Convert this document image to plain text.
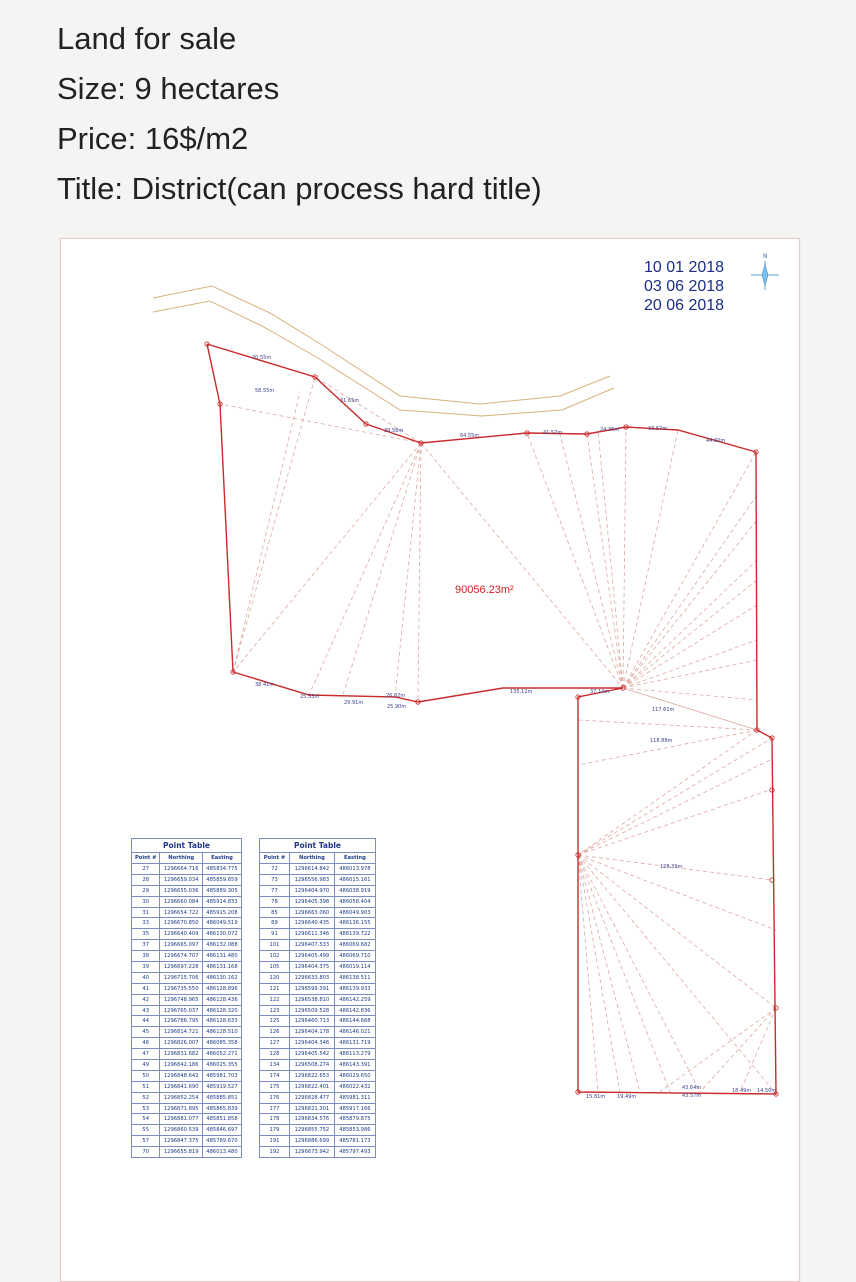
Land for sale
Size: 9 hectares
Price: 16$/m2
Title: District(can process hard title)
70.55m
58.55m
31.65m
39.58m
64.55m	41.57m	24.36m	33.57m
44.60m
38.41m
25.53m
29.91m
26.02m
25.90m
135.12m	37.14m
117.61m
118.88m
128.39m
15.81m 19.49m
43.64m
43.57m
18.49m 14.50m
90056.23m²
10 01 2018
03 06 2018
20 06 2018
N
Point Table		
Point #	Northing	Easting
27	1296664.716	485834.775
28	1296659.034	485859.659
29	1296655.036	485889.305
30	1296660.084	485914.833
31	1296654.722	485915.208
33	1296670.850	486049.519
35	1296640.409	486130.072
37	1296665.097	486132.088
38	1296674.707	486131.480
39	1296697.228	486131.168
40	1296715.706	486130.162
41	1296735.550	486128.896
42	1296748.965	486128.436
43	1296765.037	486128.320
44	1296786.795	486128.633
45	1296814.721	486128.510
46	1296826.007	486085.358
47	1296831.682	486052.271
49	1296842.186	486025.355
50	1296848.642	485981.703
51	1296841.690	485919.527
52	1296852.254	485885.851
53	1296871.895	485865.839
54	1296881.077	485851.858
55	1296860.539	485846.697
57	1296847.375	485789.670
70	1296655.819	486013.480
Point Table		
Point #	Northing	Easting
72	1296614.842	486013.978
73	1296556.983	486015.161
77	1296404.970	486038.919
78	1296405.398	486058.404
85	1296663.060	486049.903
89	1296640.435	486136.155
91	1296611.346	486139.722
101	1296407.533	486069.682
102	1296405.499	486069.710
105	1296404.375	486019.114
120	1296633.803	486138.511
121	1296599.391	486139.933
122	1296538.810	486142.259
123	1296509.528	486142.836
125	1296460.713	486144.668
126	1296404.178	486146.021
127	1296404.346	486131.719
128	1296405.542	486113.279
134	1296508.274	486143.391
174	1296822.653	486029.650
175	1296822.401	486022.432
176	1296828.477	485981.311
177	1296821.301	485917.166
178	1296834.576	485879.875
179	1296855.752	485853.986
191	1296886.699	485781.173
192	1296673.942	485797.493
